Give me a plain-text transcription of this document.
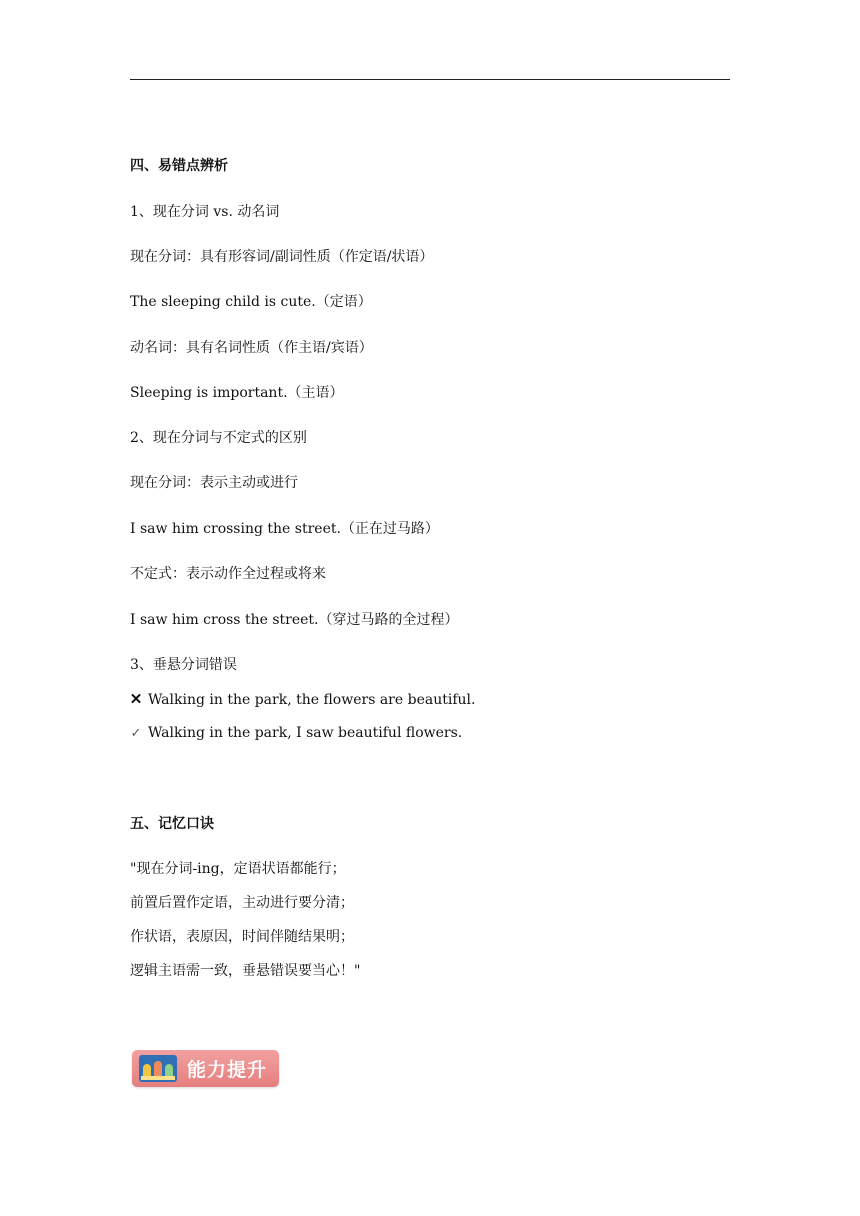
四、易错点辨析
1、现在分词 vs. 动名词
现在分词：具有形容词/副词性质（作定语/状语）
The sleeping child is cute.（定语）
动名词：具有名词性质（作主语/宾语）
Sleeping is important.（主语）
2、现在分词与不定式的区别
现在分词：表示主动或进行
I saw him crossing the street.（正在过马路）
不定式：表示动作全过程或将来
I saw him cross the street.（穿过马路的全过程）
3、垂悬分词错误
✕ Walking in the park, the flowers are beautiful.
✓ Walking in the park, I saw beautiful flowers.
五、记忆口诀
"现在分词-ing，定语状语都能行；
前置后置作定语，主动进行要分清；
作状语，表原因，时间伴随结果明；
逻辑主语需一致，垂悬错误要当心！"
能力提升
